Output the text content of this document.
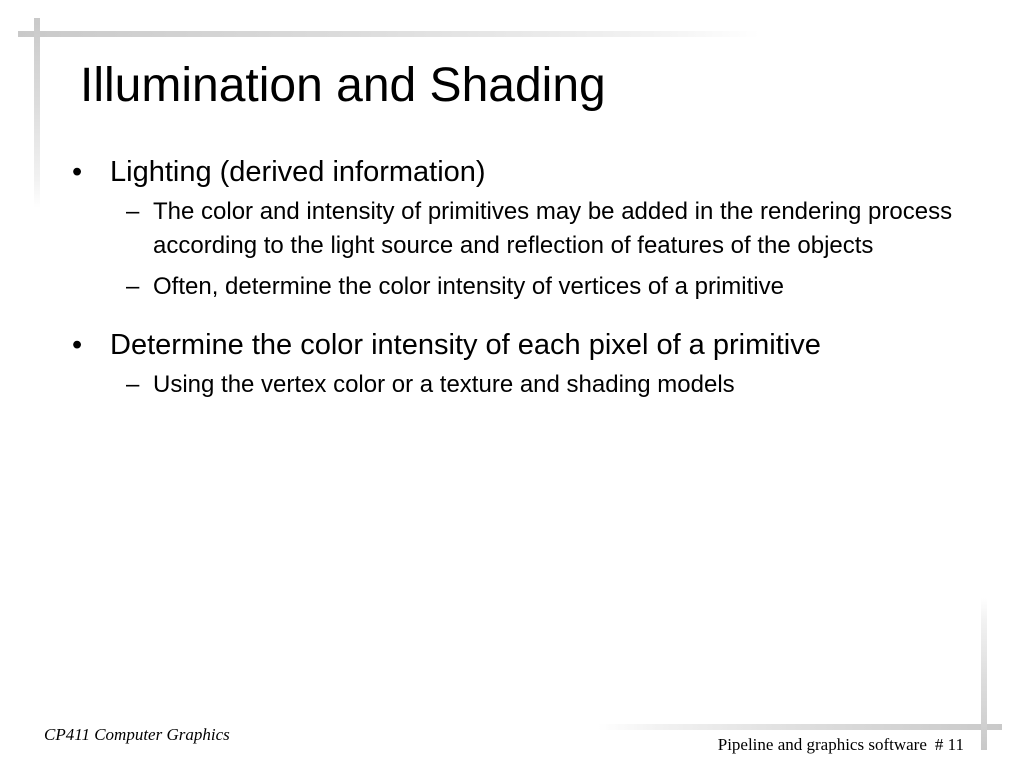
Illumination and Shading
• Lighting (derived information)
– The color and intensity of primitives may be added in the rendering process according to the light source and reflection of features of the objects
– Often, determine the color intensity of vertices of a primitive
• Determine the color intensity of each pixel of a primitive
– Using the vertex color or a texture and shading models
CP411 Computer Graphics
Pipeline and graphics software # 11
